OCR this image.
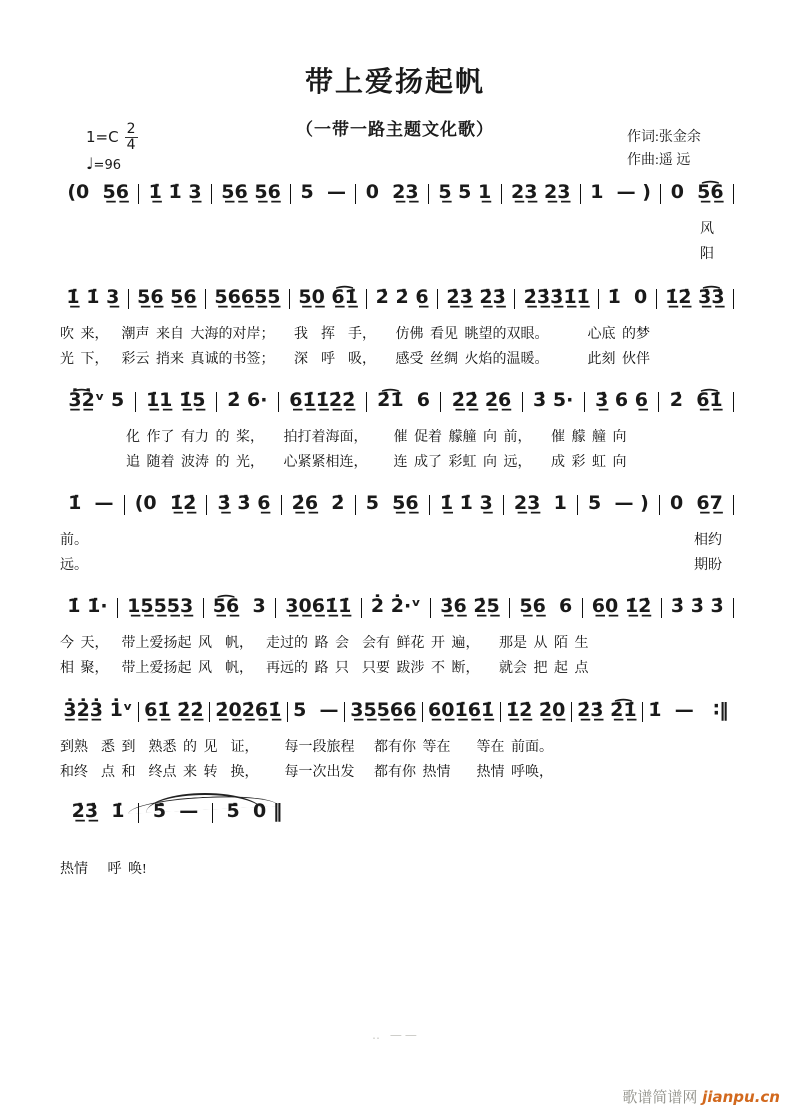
带上爱扬起帆
（一带一路主题文化歌）
$1=C \frac{2}{4}$
♩=96
作词:张金余
作曲:遥 远
(0  5̲6̲	1̲̇ 1̇ 3̲	5̲6̲ 5̲6̲	5  —	0  2̲3̲	5̲ 5 1̲	2̲3̲ 2̲3̲	1  — )	0  5̲͡6̲
风
阳
1̲̇ 1̇ 3̲ 5̲6̲ 5̲6̲ 5̲6̲6̲5̲5̲ 5̲0̲ 6̲͡1̲̇ 2̇ 2̇ 6̲ 2̲̇3̲̇ 2̲̇3̲̇ 2̲̇3̲̇3̲̇1̲̇1̲̇ 1̇  0 1̲̇2̲̇ 3̲̇͡3̲̇
吹 来，  潮声 来自 大海的对岸；   我  挥  手，   仿佛 看见 眺望的双眼。      心底 的梦
光 下，  彩云 捎来 真诚的书签；   深  呼  吸，   感受 丝绸 火焰的温暖。      此刻 伙伴
3̲̇͡2̲̇ᵛ 5	1̲̇1̲ 1̲̇5̲	2̇ 6·	6̲1̲̇1̲̇2̲̇2̲̇	2̇͡1̇  6	2̲̇2̲̇ 2̲̇6̲	3̇ 5·	3̲̇ 6 6̲	2̇  6̲͡1̲̇
化 作了 有力 的 桨，   拍打着海面，    催 促着 艨艟 向 前，   催 艨 艟 向
追 随着 波涛 的 光，   心紧紧相连，    连 成了 彩虹 向 远，   成 彩 虹 向
1̇  —	(0  1̲̇2̲̇	3̲̇ 3̇ 6̲	2̲̇6̲  2̇	5  5̲6̲	1̲̇ 1̇ 3̲	2̲3̲  1	5  — )	0  6̲7̲
前。	相约
远。	期盼
1̇ 1̇·	1̲5̲5̲5̲3̲	5̲͡6̲  3	3̲0̲6̲1̲̇1̲̇	2̇ 2̇·ᵛ	3̲̇6̲ 2̲̇5̲	5̲6̲  6	6̲0̲ 1̲̇2̲̇	3̇ 3̇ 3̇
今 天，  带上爱扬起 风  帆，  走过的 路 会  会有 鲜花 开 遍，   那是 从 陌 生
相 聚，  带上爱扬起 风  帆，  再远的 路 只  只要 跋涉 不 断，   就会 把 起 点
3̲̇2̲̇3̲̇ 1̇ᵛ 6̲1̲̇ 2̲̇2̲̇ 2̲̇0̲2̲̇6̲1̲̇ 5  — 3̲5̲5̲6̲6̲ 6̲0̲1̲̇6̲1̲̇ 1̲̇2̲̇ 2̲̇0̲ 2̲̇3̲̇ 2̲̇͡1̲̇ 1̇  —   ∶‖
到熟  悉 到  熟悉 的 见  证，    每一段旅程   都有你 等在    等在 前面。
和终  点 和  终点 来 转  换，    每一次出发   都有你 热情    热情 呼唤，
2̲̇3̲̇  1̇	5̇  —	5̇  0 ‖
热情   呼 唤!
‥ ——
歌谱简谱网 jianpu.cn
